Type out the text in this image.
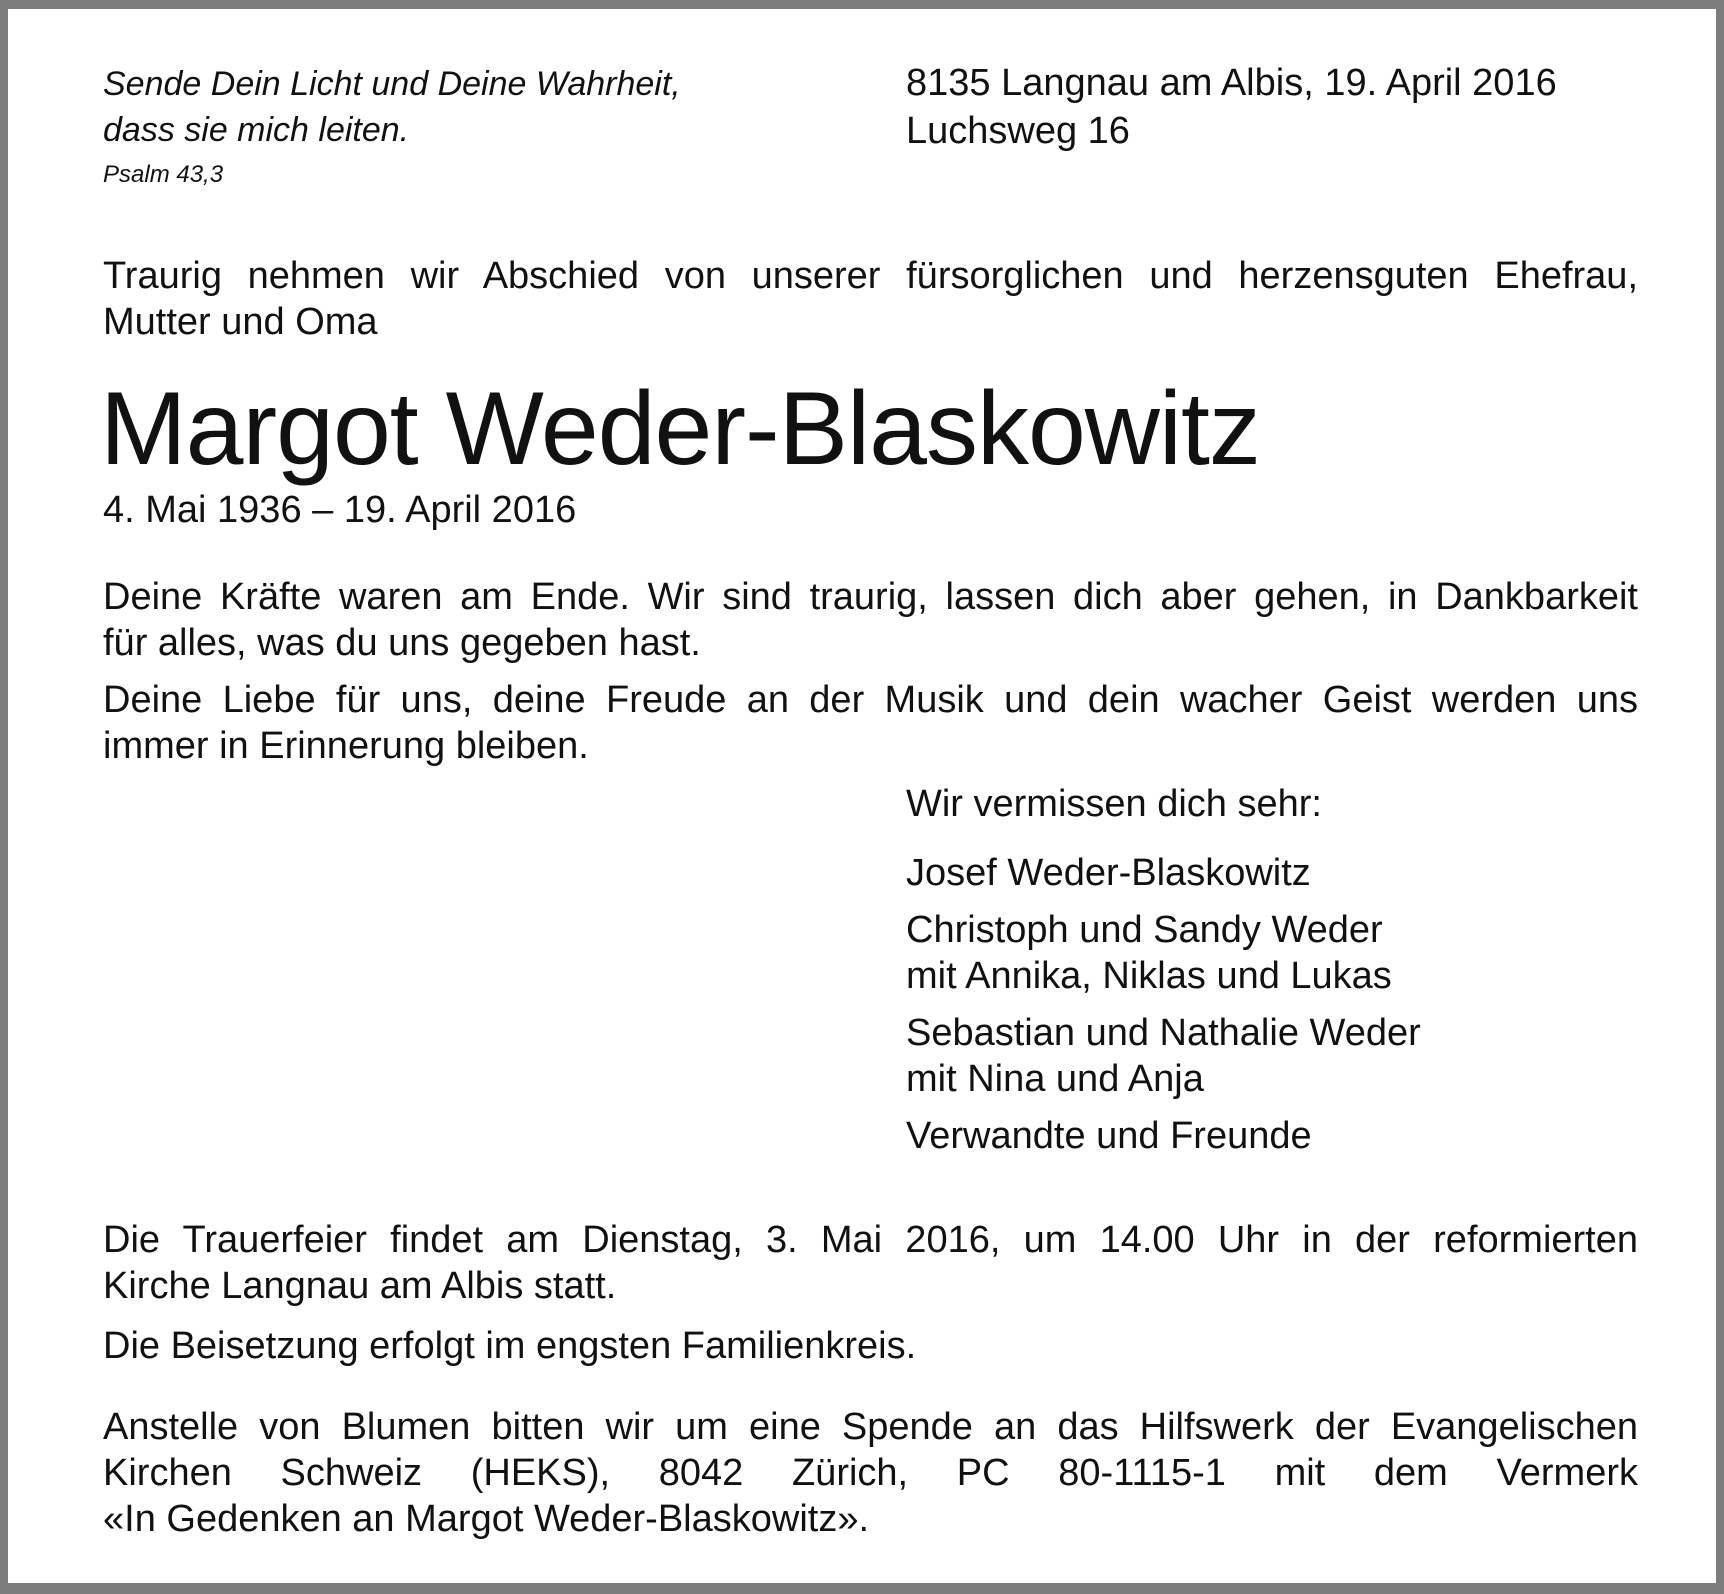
Sende Dein Licht und Deine Wahrheit,
dass sie mich leiten.
Psalm 43,3
8135 Langnau am Albis, 19. April 2016
Luchsweg 16

Traurig nehmen wir Abschied von unserer fürsorglichen und herzensguten Ehefrau,
Mutter und Oma

Margot Weder-Blaskowitz
4. Mai 1936 – 19. April 2016

Deine Kräfte waren am Ende. Wir sind traurig, lassen dich aber gehen, in Dankbarkeit
für alles, was du uns gegeben hast.

Deine Liebe für uns, deine Freude an der Musik und dein wacher Geist werden uns
immer in Erinnerung bleiben.

Wir vermissen dich sehr:
Josef Weder-Blaskowitz
Christoph und Sandy Weder
mit Annika, Niklas und Lukas
Sebastian und Nathalie Weder
mit Nina und Anja
Verwandte und Freunde

Die Trauerfeier findet am Dienstag, 3. Mai 2016, um 14.00 Uhr in der reformierten
Kirche Langnau am Albis statt.

Die Beisetzung erfolgt im engsten Familienkreis.

Anstelle von Blumen bitten wir um eine Spende an das Hilfswerk der Evangelischen
Kirchen Schweiz (HEKS), 8042 Zürich, PC 80-1115-1 mit dem Vermerk
«In Gedenken an Margot Weder-Blaskowitz».
